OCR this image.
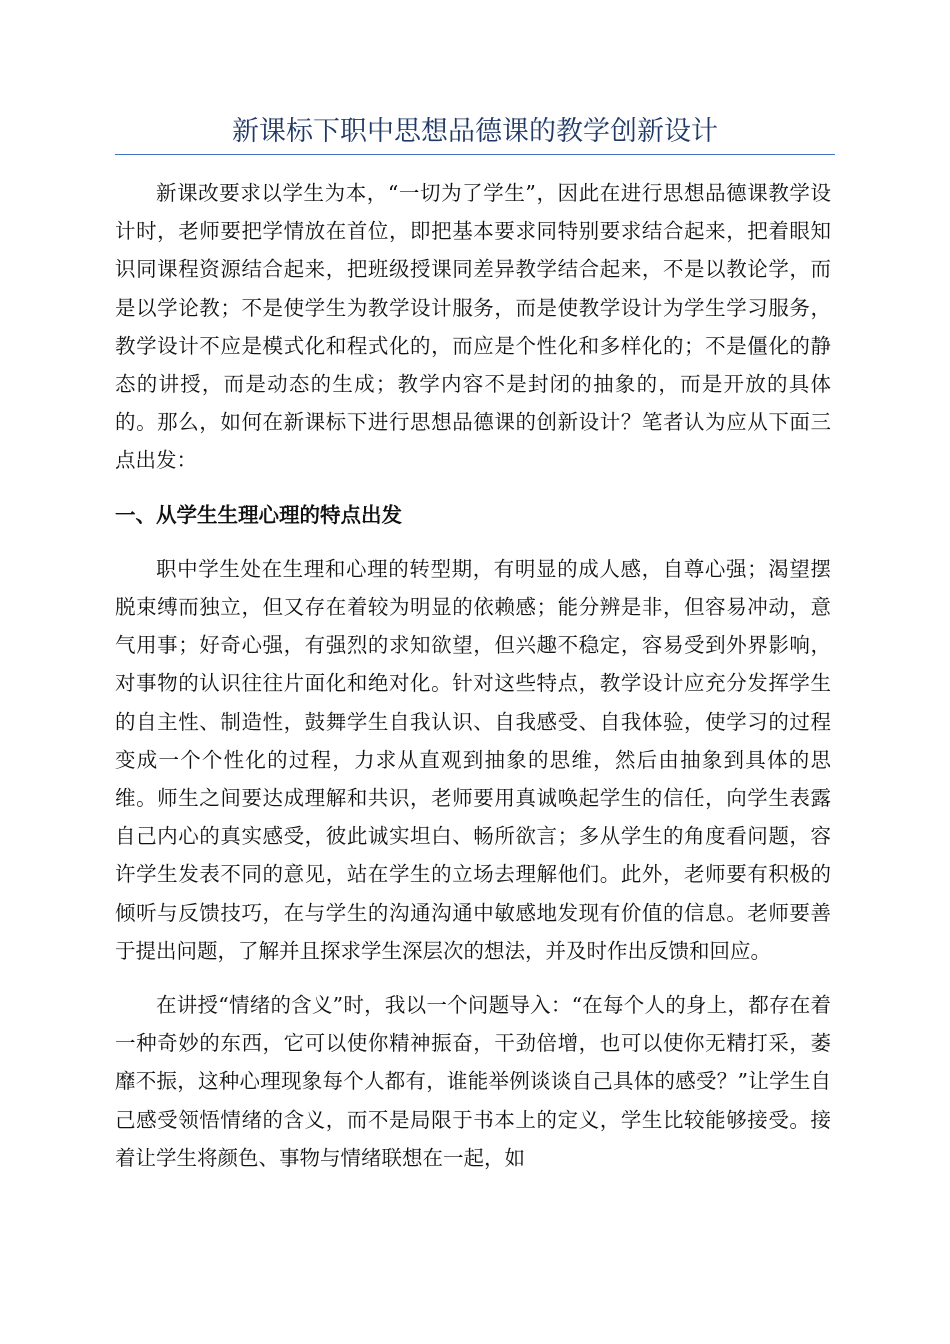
新课标下职中思想品德课的教学创新设计

新课改要求以学生为本，“一切为了学生”，因此在进行思想品德课教学设计时，老师要把学情放在首位，即把基本要求同特别要求结合起来，把着眼知识同课程资源结合起来，把班级授课同差异教学结合起来，不是以教论学，而是以学论教；不是使学生为教学设计服务，而是使教学设计为学生学习服务，教学设计不应是模式化和程式化的，而应是个性化和多样化的；不是僵化的静态的讲授，而是动态的生成；教学内容不是封闭的抽象的，而是开放的具体的。那么，如何在新课标下进行思想品德课的创新设计？笔者认为应从下面三点出发：

一、从学生生理心理的特点出发

职中学生处在生理和心理的转型期，有明显的成人感，自尊心强；渴望摆脱束缚而独立，但又存在着较为明显的依赖感；能分辨是非，但容易冲动，意气用事；好奇心强，有强烈的求知欲望，但兴趣不稳定，容易受到外界影响，对事物的认识往往片面化和绝对化。针对这些特点，教学设计应充分发挥学生的自主性、制造性，鼓舞学生自我认识、自我感受、自我体验，使学习的过程变成一个个性化的过程，力求从直观到抽象的思维，然后由抽象到具体的思维。师生之间要达成理解和共识，老师要用真诚唤起学生的信任，向学生表露自己内心的真实感受，彼此诚实坦白、畅所欲言；多从学生的角度看问题，容许学生发表不同的意见，站在学生的立场去理解他们。此外，老师要有积极的倾听与反馈技巧，在与学生的沟通沟通中敏感地发现有价值的信息。老师要善于提出问题，了解并且探求学生深层次的想法，并及时作出反馈和回应。

在讲授“情绪的含义”时，我以一个问题导入：“在每个人的身上，都存在着一种奇妙的东西，它可以使你精神振奋，干劲倍增，也可以使你无精打采，萎靡不振，这种心理现象每个人都有，谁能举例谈谈自己具体的感受？”让学生自己感受领悟情绪的含义，而不是局限于书本上的定义，学生比较能够接受。接着让学生将颜色、事物与情绪联想在一起，如
